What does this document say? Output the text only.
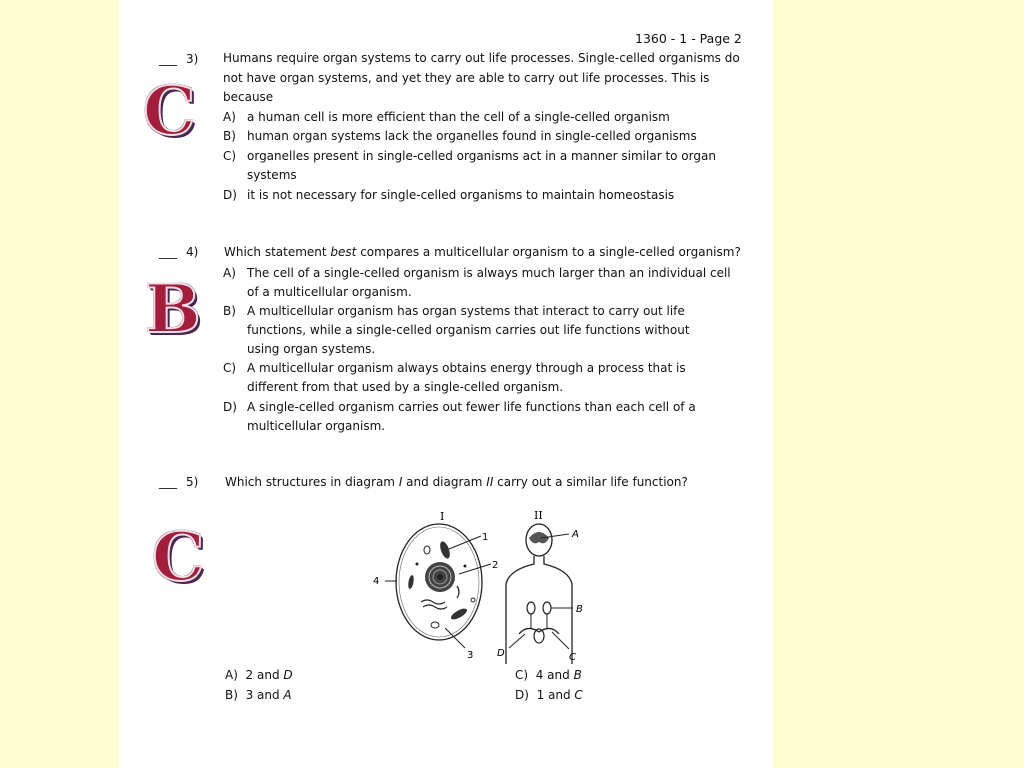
1360 - 1 - Page 2
___ 3)
C
Humans require organ systems to carry out life processes. Single-celled organisms do not have organ systems, and yet they are able to carry out life processes. This is because
A) a human cell is more efficient than the cell of a single-celled organism
B) human organ systems lack the organelles found in single-celled organisms
C) organelles present in single-celled organisms act in a manner similar to organ systems
D) it is not necessary for single-celled organisms to maintain homeostasis
___ 4)
B
Which statement best compares a multicellular organism to a single-celled organism?
A) The cell of a single-celled organism is always much larger than an individual cell of a multicellular organism.
B) A multicellular organism has organ systems that interact to carry out life functions, while a single-celled organism carries out life functions without using organ systems.
C) A multicellular organism always obtains energy through a process that is different from that used by a single-celled organism.
D) A single-celled organism carries out fewer life functions than each cell of a multicellular organism.
___ 5)
C
Which structures in diagram I and diagram II carry out a similar life function?
I	II
1
2
3
4
A
B
C
D
A) 2 and D
B) 3 and A
C) 4 and B
D) 1 and C
